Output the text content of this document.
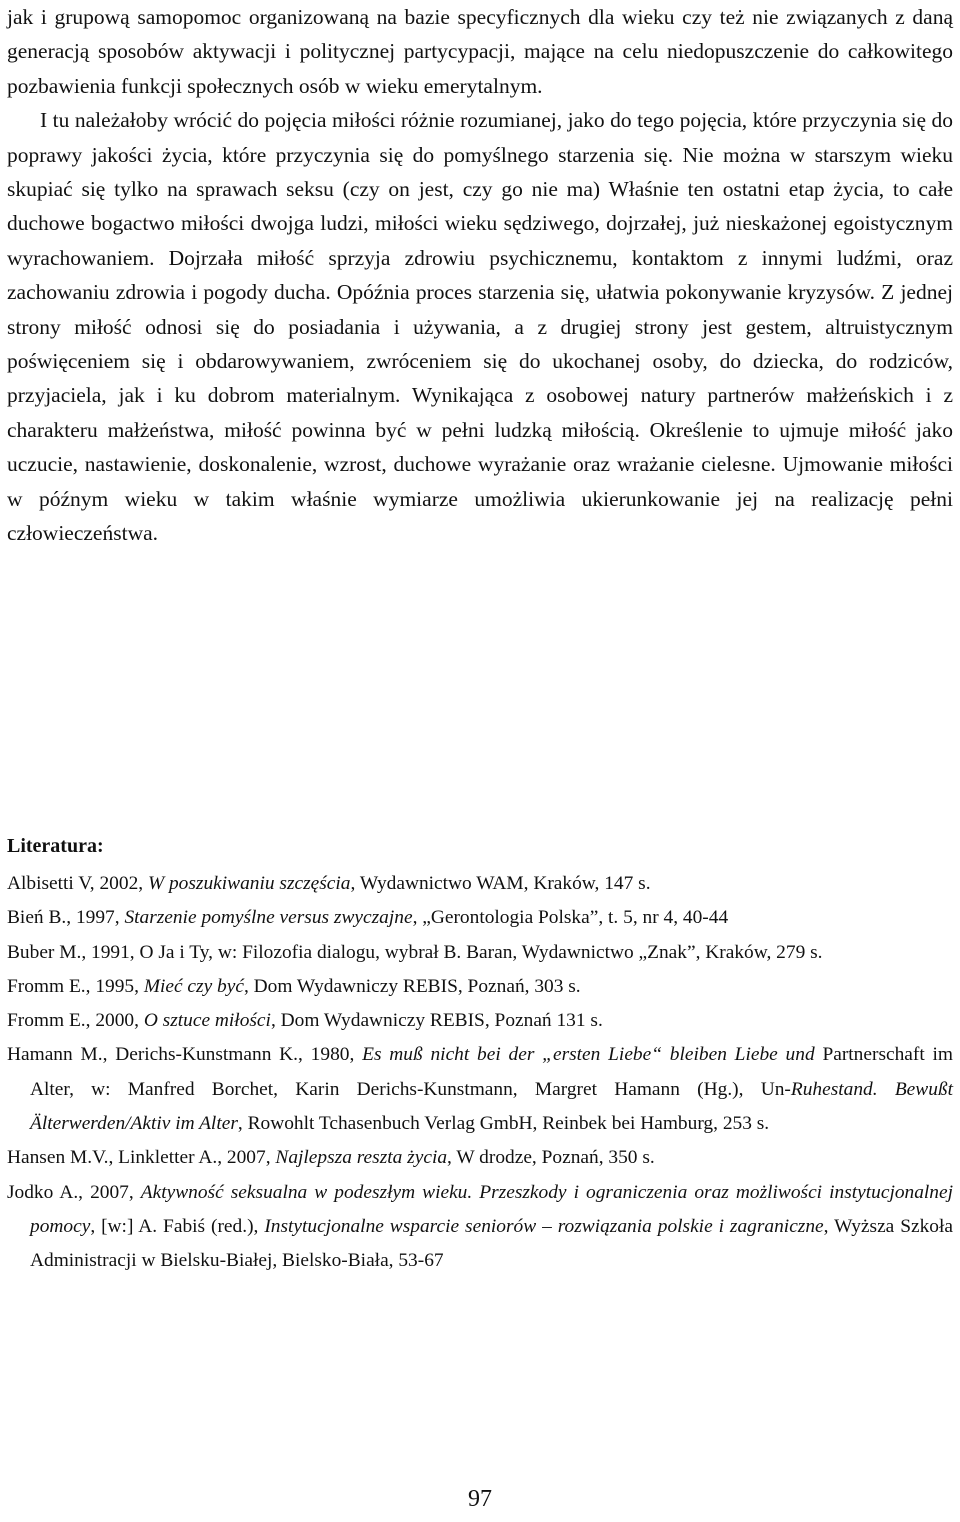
jak i grupową samopomoc organizowaną na bazie specyficznych dla wieku czy też nie związanych z daną generacją sposobów aktywacji i politycznej partycypacji, mające na celu niedopuszczenie do całkowitego pozbawienia funkcji społecznych osób w wieku emerytalnym.
I tu należałoby wrócić do pojęcia miłości różnie rozumianej, jako do tego pojęcia, które przyczynia się do poprawy jakości życia, które przyczynia się do pomyślnego starzenia się. Nie można w starszym wieku skupiać się tylko na sprawach seksu (czy on jest, czy go nie ma) Właśnie ten ostatni etap życia, to całe duchowe bogactwo miłości dwojga ludzi, miłości wieku sędziwego, dojrzałej, już nieskażonej egoistycznym wyrachowaniem. Dojrzała miłość sprzyja zdrowiu psychicznemu, kontaktom z innymi ludźmi, oraz zachowaniu zdrowia i pogody ducha. Opóźnia proces starzenia się, ułatwia pokonywanie kryzysów. Z jednej strony miłość odnosi się do posiadania i używania, a z drugiej strony jest gestem, altruistycznym poświęceniem się i obdarowywaniem, zwróceniem się do ukochanej osoby, do dziecka, do rodziców, przyjaciela, jak i ku dobrom materialnym. Wynikająca z osobowej natury partnerów małżeńskich i z charakteru małżeństwa, miłość powinna być w pełni ludzką miłością. Określenie to ujmuje miłość jako uczucie, nastawienie, doskonalenie, wzrost, duchowe wyrażanie oraz wrażanie cielesne. Ujmowanie miłości w późnym wieku w takim właśnie wymiarze umożliwia ukierunkowanie jej na realizację pełni człowieczeństwa.
Literatura:
Albisetti V, 2002, W poszukiwaniu szczęścia, Wydawnictwo WAM, Kraków, 147 s.
Bień B., 1997, Starzenie pomyślne versus zwyczajne, „Gerontologia Polska”, t. 5, nr 4, 40-44
Buber M., 1991, O Ja i Ty, w: Filozofia dialogu, wybrał B. Baran, Wydawnictwo „Znak”, Kraków, 279 s.
Fromm E., 1995, Mieć czy być, Dom Wydawniczy REBIS, Poznań, 303 s.
Fromm E., 2000, O sztuce miłości, Dom Wydawniczy REBIS, Poznań 131 s.
Hamann M., Derichs-Kunstmann K., 1980, Es muß nicht bei der „ersten Liebe“ bleiben Liebe und Partnerschaft im Alter, w: Manfred Borchet, Karin Derichs-Kunstmann, Margret Hamann (Hg.), Un-Ruhestand. Bewußt Älterwerden/Aktiv im Alter, Rowohlt Tchasenbuch Verlag GmbH, Reinbek bei Hamburg, 253 s.
Hansen M.V., Linkletter A., 2007, Najlepsza reszta życia, W drodze, Poznań, 350 s.
Jodko A., 2007, Aktywność seksualna w podeszłym wieku. Przeszkody i ograniczenia oraz możliwości instytucjonalnej pomocy, [w:] A. Fabiś (red.), Instytucjonalne wsparcie seniorów – rozwiązania polskie i zagraniczne, Wyższa Szkoła Administracji w Bielsku-Białej, Bielsko-Biała, 53-67
97
